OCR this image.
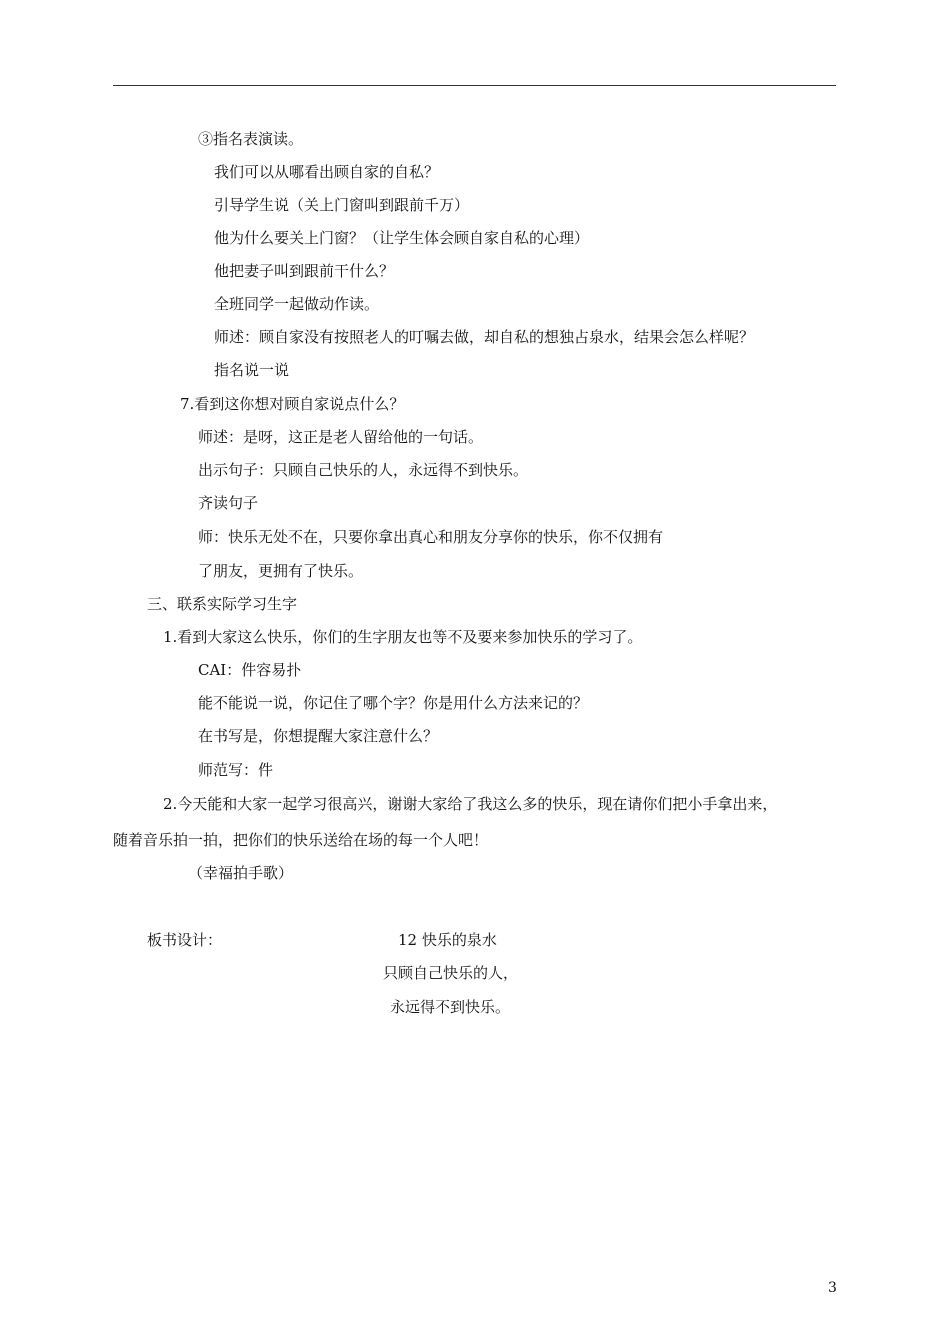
③指名表演读。
我们可以从哪看出顾自家的自私？
引导学生说（关上门窗叫到跟前千万）
他为什么要关上门窗？（让学生体会顾自家自私的心理）
他把妻子叫到跟前干什么？
全班同学一起做动作读。
师述：顾自家没有按照老人的叮嘱去做，却自私的想独占泉水，结果会怎么样呢？
指名说一说
7.看到这你想对顾自家说点什么？
师述：是呀，这正是老人留给他的一句话。
出示句子：只顾自己快乐的人，永远得不到快乐。
齐读句子
师：快乐无处不在，只要你拿出真心和朋友分享你的快乐，你不仅拥有
了朋友，更拥有了快乐。
三、联系实际学习生字
1.看到大家这么快乐，你们的生字朋友也等不及要来参加快乐的学习了。
CAI：件容易扑
能不能说一说，你记住了哪个字？你是用什么方法来记的？
在书写是，你想提醒大家注意什么？
师范写：件
2.今天能和大家一起学习很高兴，谢谢大家给了我这么多的快乐，现在请你们把小手拿出来，
随着音乐拍一拍，把你们的快乐送给在场的每一个人吧！
（幸福拍手歌）
板书设计：	12 快乐的泉水
只顾自己快乐的人，
永远得不到快乐。
3
